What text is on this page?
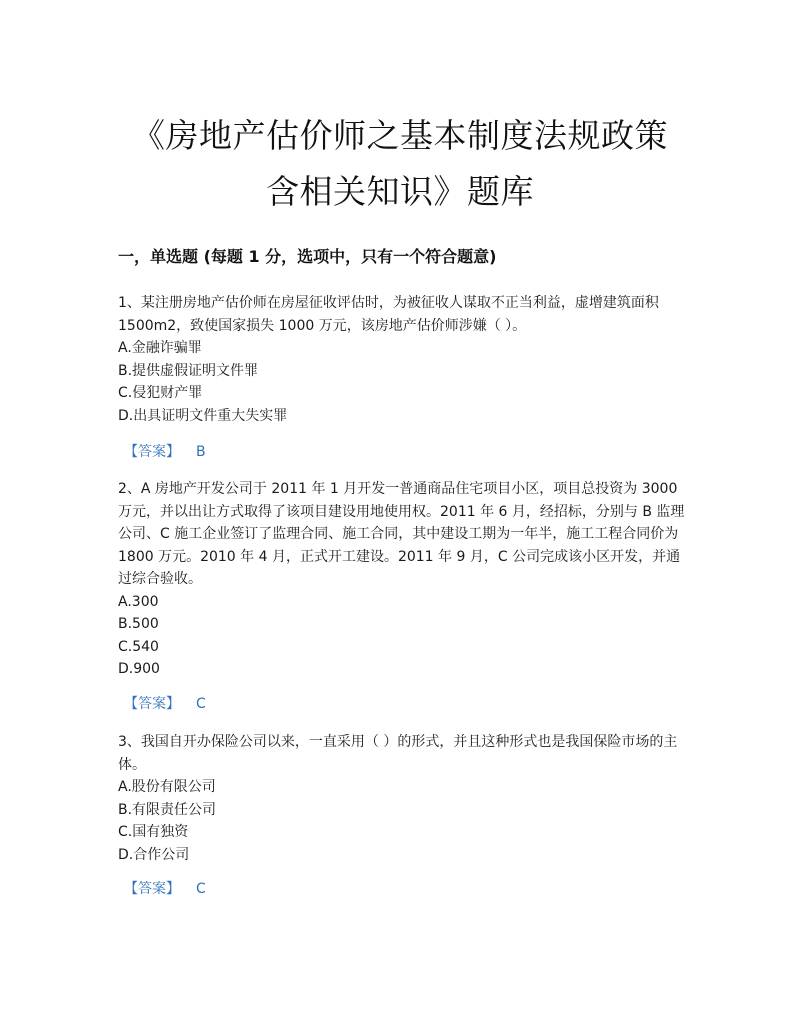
《房地产估价师之基本制度法规政策
含相关知识》题库
一，单选题 (每题 1 分，选项中，只有一个符合题意)
1、某注册房地产估价师在房屋征收评估时，为被征收人谋取不正当利益，虚增建筑面积1500m2，致使国家损失 1000 万元，该房地产估价师涉嫌（ ）。
A.金融诈骗罪
B.提供虚假证明文件罪
C.侵犯财产罪
D.出具证明文件重大失实罪
【答案】 B
2、A 房地产开发公司于 2011 年 1 月开发一普通商品住宅项目小区，项目总投资为 3000万元，并以出让方式取得了该项目建设用地使用权。2011 年 6 月，经招标，分别与 B 监理公司、C 施工企业签订了监理合同、施工合同，其中建设工期为一年半，施工工程合同价为 1800 万元。2010 年 4 月，正式开工建设。2011 年 9 月，C 公司完成该小区开发，并通过综合验收。
A.300
B.500
C.540
D.900
【答案】 C
3、我国自开办保险公司以来，一直采用（ ）的形式，并且这种形式也是我国保险市场的主体。
A.股份有限公司
B.有限责任公司
C.国有独资
D.合作公司
【答案】 C
